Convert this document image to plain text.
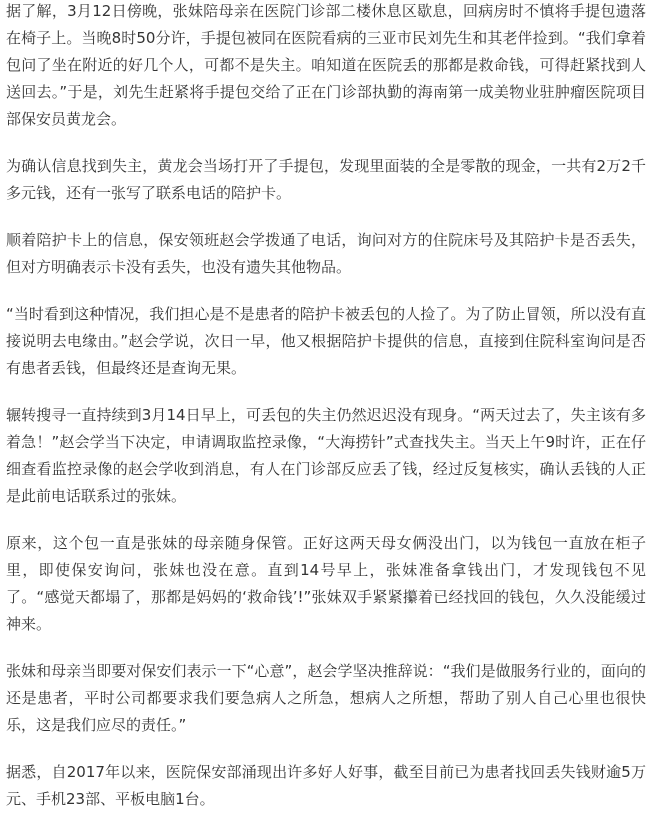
据了解，3月12日傍晚，张妹陪母亲在医院门诊部二楼休息区歇息，回病房时不慎将手提包遗落在椅子上。当晚8时50分许，手提包被同在医院看病的三亚市民刘先生和其老伴捡到。“我们拿着包问了坐在附近的好几个人，可都不是失主。咱知道在医院丢的那都是救命钱，可得赶紧找到人送回去。”于是，刘先生赶紧将手提包交给了正在门诊部执勤的海南第一成美物业驻肿瘤医院项目部保安员黄龙会。

为确认信息找到失主，黄龙会当场打开了手提包，发现里面装的全是零散的现金，一共有2万2千多元钱，还有一张写了联系电话的陪护卡。

顺着陪护卡上的信息，保安领班赵会学拨通了电话，询问对方的住院床号及其陪护卡是否丢失，但对方明确表示卡没有丢失，也没有遗失其他物品。

“当时看到这种情况，我们担心是不是患者的陪护卡被丢包的人捡了。为了防止冒领，所以没有直接说明去电缘由。”赵会学说，次日一早，他又根据陪护卡提供的信息，直接到住院科室询问是否有患者丢钱，但最终还是查询无果。

辗转搜寻一直持续到3月14日早上，可丢包的失主仍然迟迟没有现身。“两天过去了，失主该有多着急！”赵会学当下决定，申请调取监控录像，“大海捞针”式查找失主。当天上午9时许，正在仔细查看监控录像的赵会学收到消息，有人在门诊部反应丢了钱，经过反复核实，确认丢钱的人正是此前电话联系过的张妹。

原来，这个包一直是张妹的母亲随身保管。正好这两天母女俩没出门，以为钱包一直放在柜子里，即使保安询问，张妹也没在意。直到14号早上，张妹准备拿钱出门，才发现钱包不见了。“感觉天都塌了，那都是妈妈的‘救命钱’!”张妹双手紧紧攥着已经找回的钱包，久久没能缓过神来。

张妹和母亲当即要对保安们表示一下“心意”，赵会学坚决推辞说：“我们是做服务行业的，面向的还是患者，平时公司都要求我们要急病人之所急，想病人之所想，帮助了别人自己心里也很快乐，这是我们应尽的责任。”

据悉，自2017年以来，医院保安部涌现出许多好人好事，截至目前已为患者找回丢失钱财逾5万元、手机23部、平板电脑1台。
